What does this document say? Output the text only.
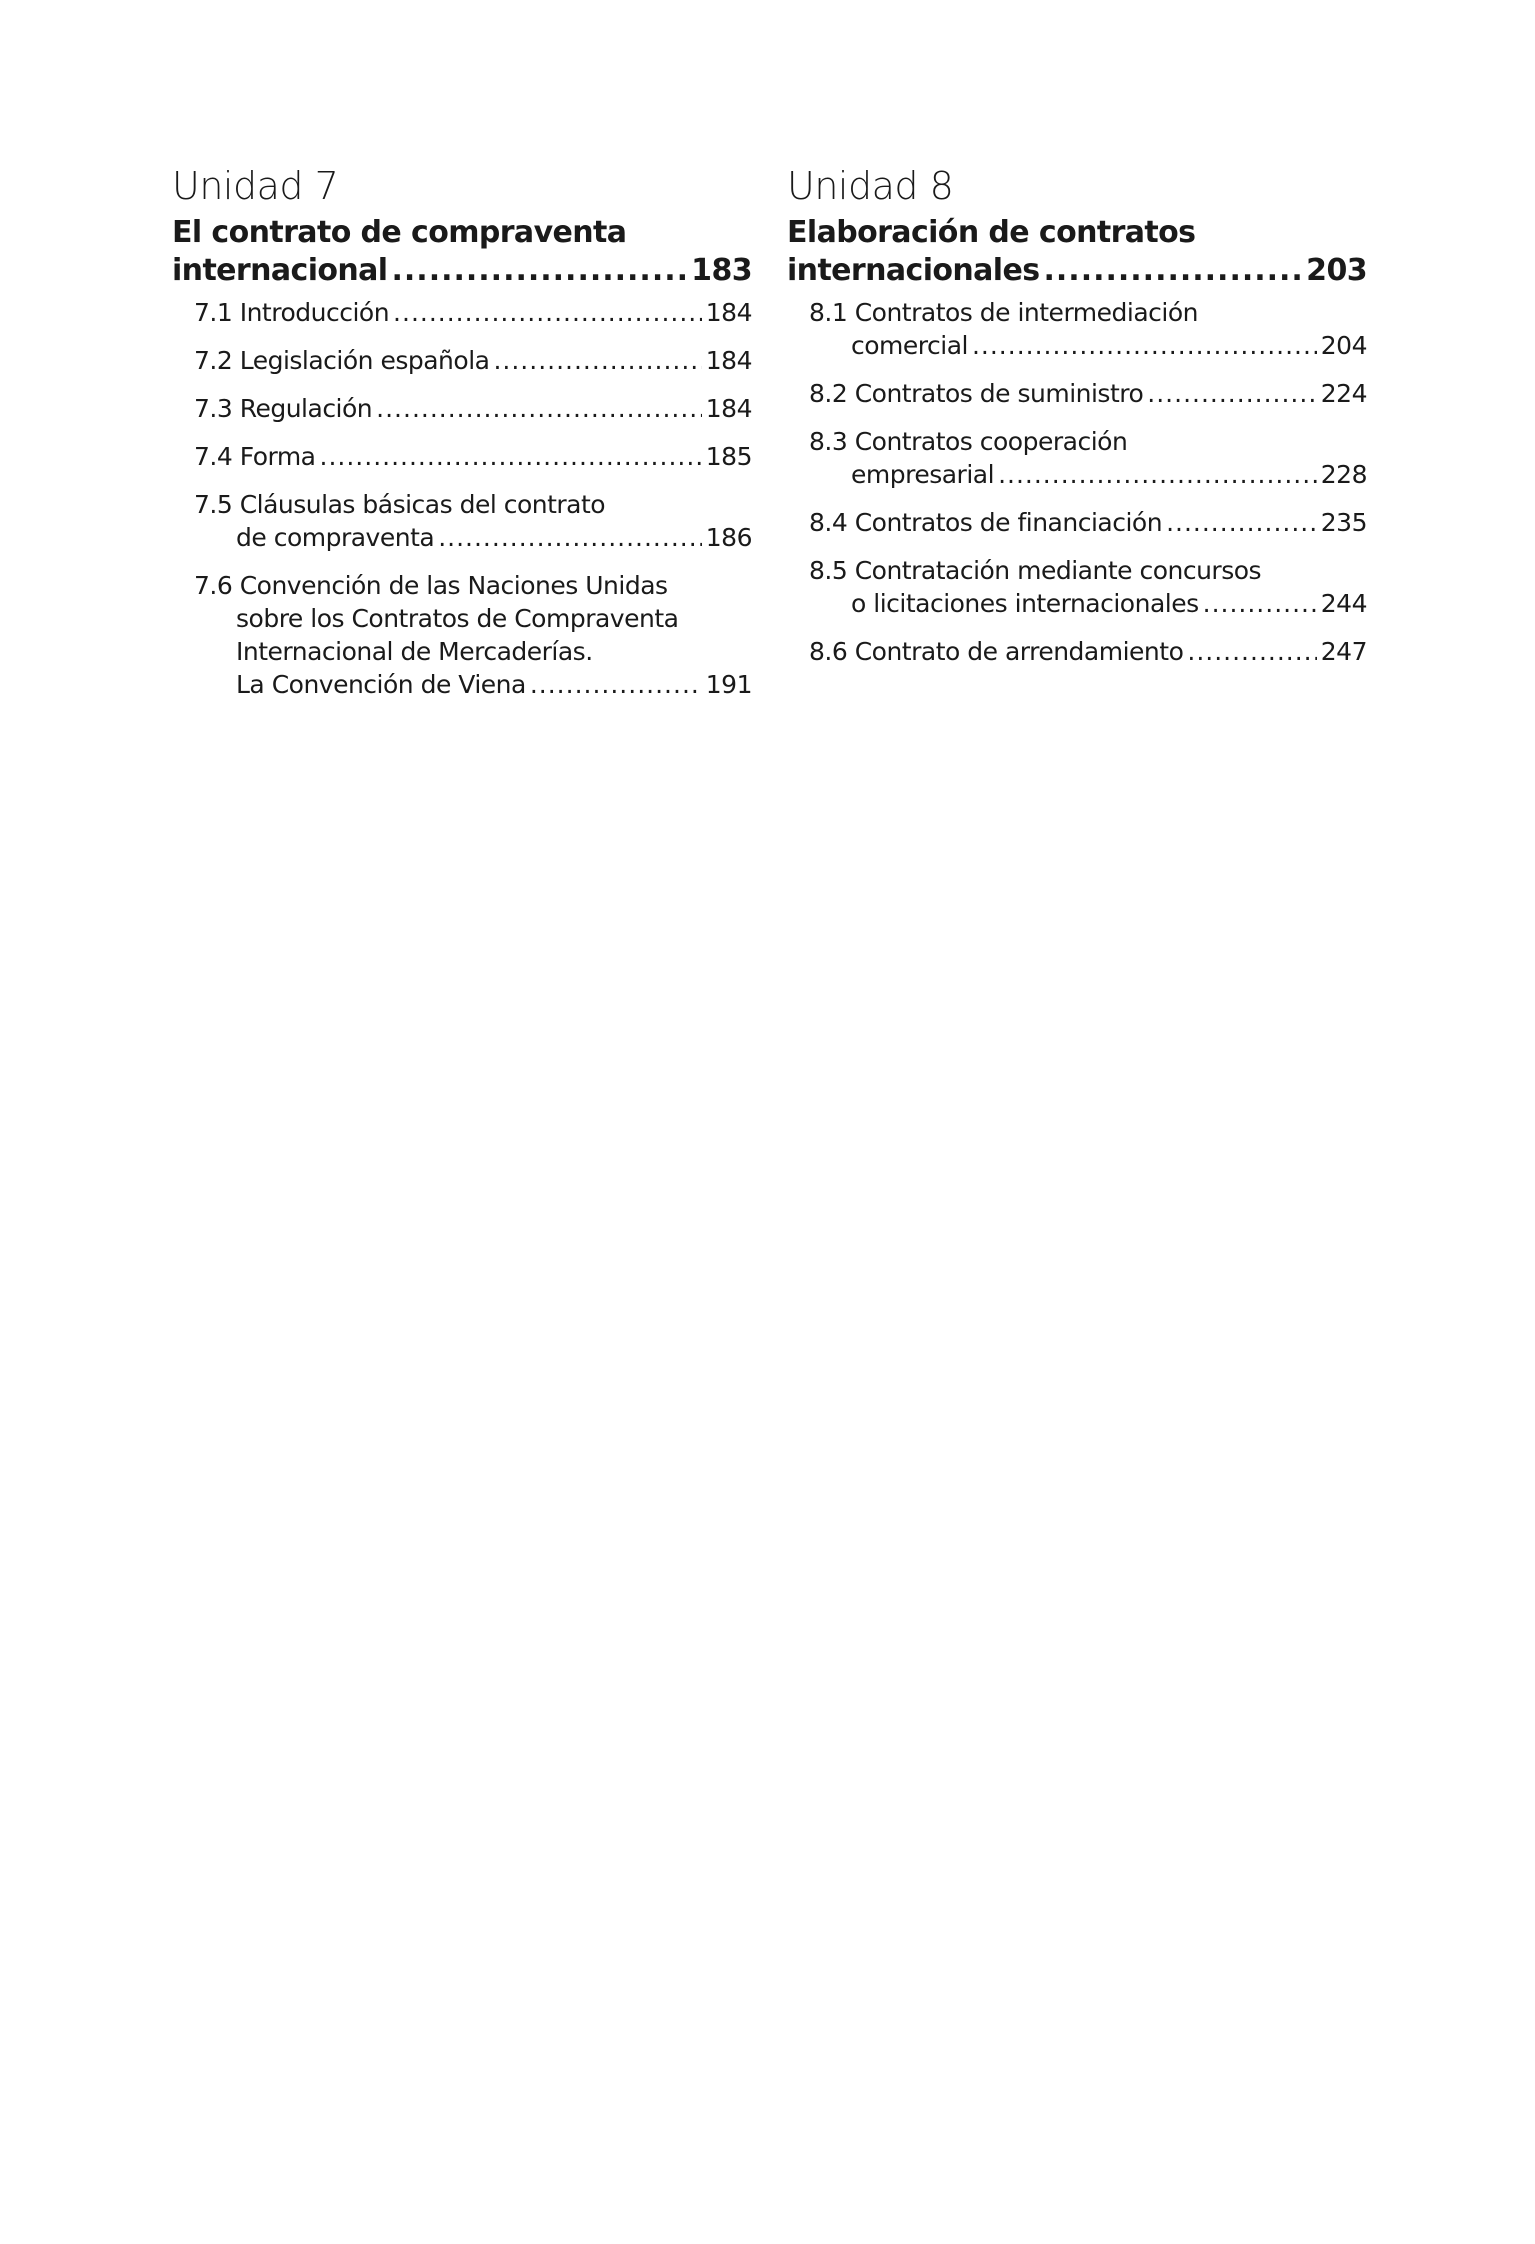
Unidad 7
El contrato de compraventa
internacional .....	183
7.1 Introducción .....	184
7.2 Legislación española .....	184
7.3 Regulación .....	184
7.4 Forma .....	185
7.5 Cláusulas básicas del contrato
de compraventa .....	186
7.6 Convención de las Naciones Unidas
sobre los Contratos de Compraventa
Internacional de Mercaderías.
La Convención de Viena .....	191
Unidad 8
Elaboración de contratos
internacionales .....	203
8.1 Contratos de intermediación
comercial .....	204
8.2 Contratos de suministro .....	224
8.3 Contratos cooperación
empresarial .....	228
8.4 Contratos de financiación .....	235
8.5 Contratación mediante concursos
o licitaciones internacionales .....	244
8.6 Contrato de arrendamiento .....	247
